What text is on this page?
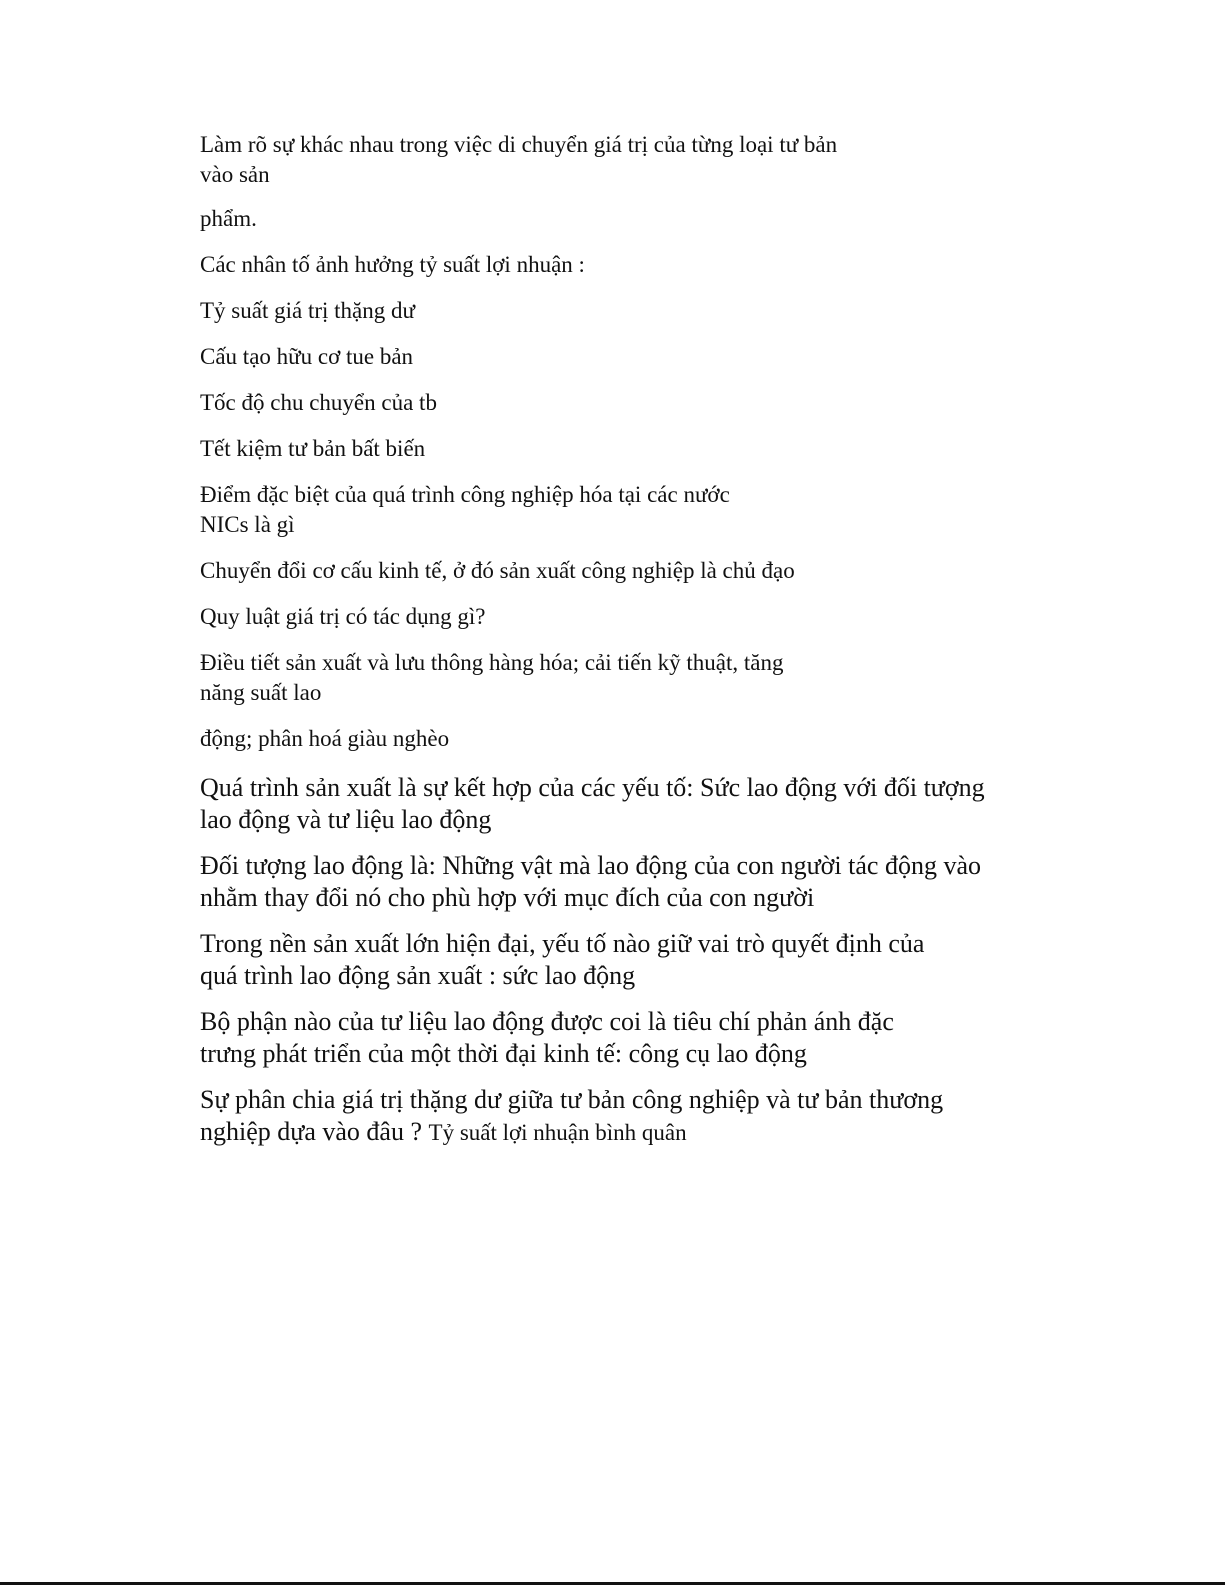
Làm rõ sự khác nhau trong việc di chuyển giá trị của từng loại tư bản
vào sản

phẩm.

Các nhân tố ảnh hưởng tỷ suất lợi nhuận :

Tỷ suất giá trị thặng dư

Cấu tạo hữu cơ tue bản

Tốc độ chu chuyển của tb

Tết kiệm tư bản bất biến

Điểm đặc biệt của quá trình công nghiệp hóa tại các nước
NICs là gì

Chuyển đổi cơ cấu kinh tế, ở đó sản xuất công nghiệp là chủ đạo

Quy luật giá trị có tác dụng gì?

Điều tiết sản xuất và lưu thông hàng hóa; cải tiến kỹ thuật, tăng
năng suất lao

động; phân hoá giàu nghèo

Quá trình sản xuất là sự kết hợp của các yếu tố: Sức lao động với đối tượng
lao động và tư liệu lao động

Đối tượng lao động là: Những vật mà lao động của con người tác động vào
nhằm thay đổi nó cho phù hợp với mục đích của con người

Trong nền sản xuất lớn hiện đại, yếu tố nào giữ vai trò quyết định của
quá trình lao động sản xuất : sức lao động

Bộ phận nào của tư liệu lao động được coi là tiêu chí phản ánh đặc
trưng phát triển của một thời đại kinh tế: công cụ lao động

Sự phân chia giá trị thặng dư giữa tư bản công nghiệp và tư bản thương
nghiệp dựa vào đâu ? Tỷ suất lợi nhuận bình quân
